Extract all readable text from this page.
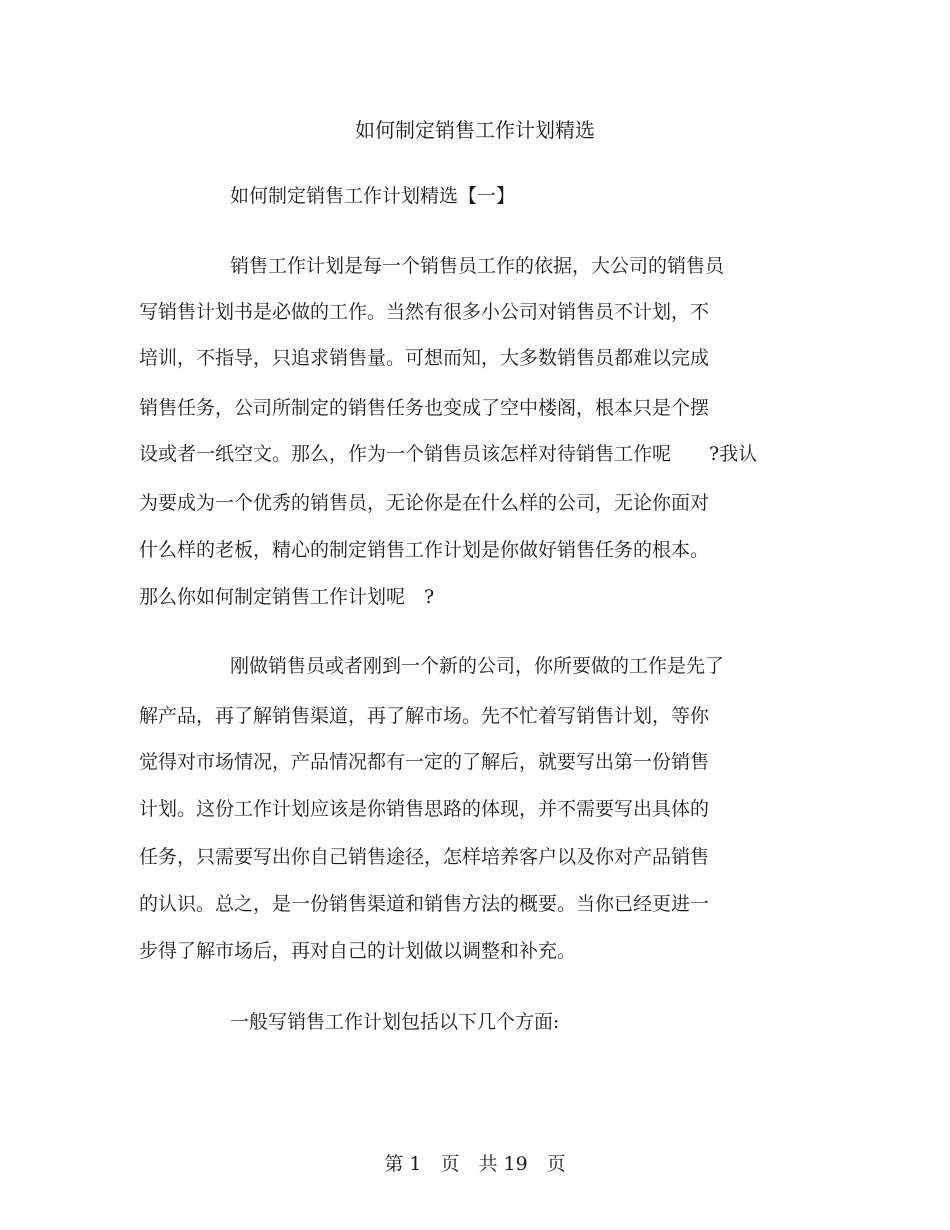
如何制定销售工作计划精选
如何制定销售工作计划精选【一】
销售工作计划是每一个销售员工作的依据，大公司的销售员
写销售计划书是必做的工作。当然有很多小公司对销售员不计划，不
培训，不指导，只追求销售量。可想而知，大多数销售员都难以完成
销售任务，公司所制定的销售任务也变成了空中楼阁，根本只是个摆
设或者一纸空文。那么，作为一个销售员该怎样对待销售工作呢　　?我认
为要成为一个优秀的销售员，无论你是在什么样的公司，无论你面对
什么样的老板，精心的制定销售工作计划是你做好销售任务的根本。
那么你如何制定销售工作计划呢　?
刚做销售员或者刚到一个新的公司，你所要做的工作是先了
解产品，再了解销售渠道，再了解市场。先不忙着写销售计划，等你
觉得对市场情况，产品情况都有一定的了解后，就要写出第一份销售
计划。这份工作计划应该是你销售思路的体现，并不需要写出具体的
任务，只需要写出你自己销售途径，怎样培养客户以及你对产品销售
的认识。总之，是一份销售渠道和销售方法的概要。当你已经更进一
步得了解市场后，再对自己的计划做以调整和补充。
一般写销售工作计划包括以下几个方面:
第 1　页　共 19　页
